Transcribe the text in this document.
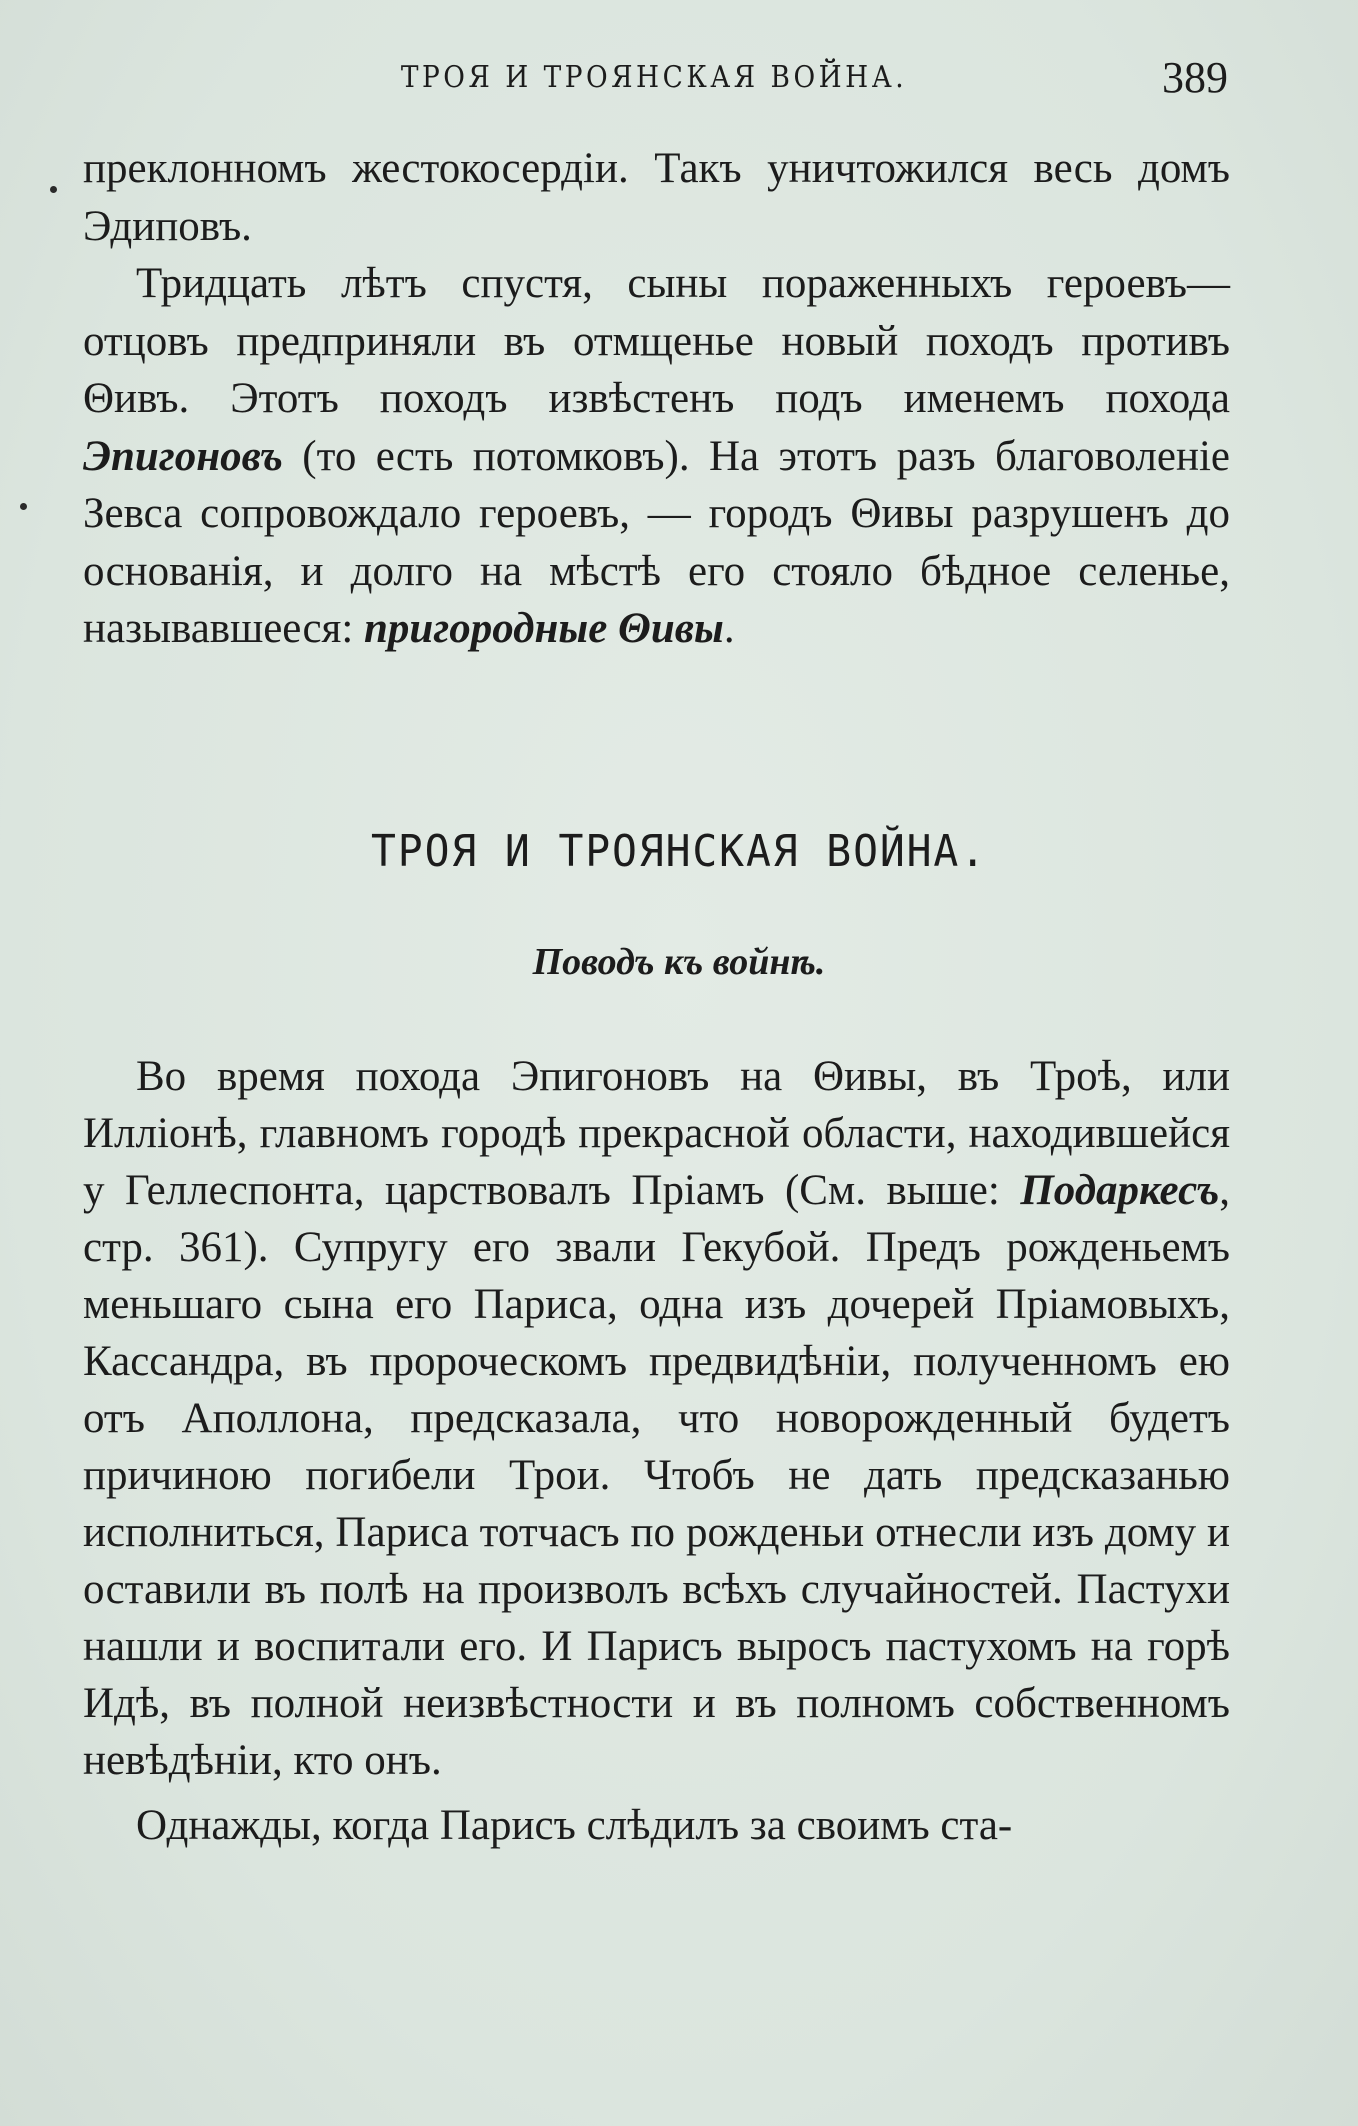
ТРОЯ И ТРОЯНСКАЯ ВОЙНА.	389

преклонномъ жестокосердіи. Такъ уничтожился весь домъ Эдиповъ.

Тридцать лѣтъ спустя, сыны пораженныхъ героевъ—отцовъ предприняли въ отмщенье новый походъ противъ Θивъ. Этотъ походъ извѣстенъ подъ именемъ похода Эпигоновъ (то есть потомковъ). На этотъ разъ благоволеніе Зевса сопровождало героевъ, — городъ Θивы разрушенъ до основанія, и долго на мѣстѣ его стояло бѣдное селенье, называвшееся: пригородные Θивы.

ТРОЯ И ТРОЯНСКАЯ ВОЙНА.
Поводъ къ войнѣ.

Во время похода Эпигоновъ на Θивы, въ Троѣ, или Илліонѣ, главномъ городѣ прекрасной области, находившейся у Геллеспонта, царствовалъ Пріамъ (См. выше: Подаркесъ, стр. 361). Супругу его звали Гекубой. Предъ рожденьемъ меньшаго сына его Париса, одна изъ дочерей Пріамовыхъ, Кассандра, въ пророческомъ предвидѣніи, полученномъ ею отъ Аполлона, предсказала, что новорожденный будетъ причиною погибели Трои. Чтобъ не дать предсказанью исполниться, Париса тотчасъ по рожденьи отнесли изъ дому и оставили въ полѣ на произволъ всѣхъ случайностей. Пастухи нашли и воспитали его. И Парисъ выросъ пастухомъ на горѣ Идѣ, въ полной неизвѣстности и въ полномъ собственномъ невѣдѣніи, кто онъ.

Однажды, когда Парисъ слѣдилъ за своимъ ста-
